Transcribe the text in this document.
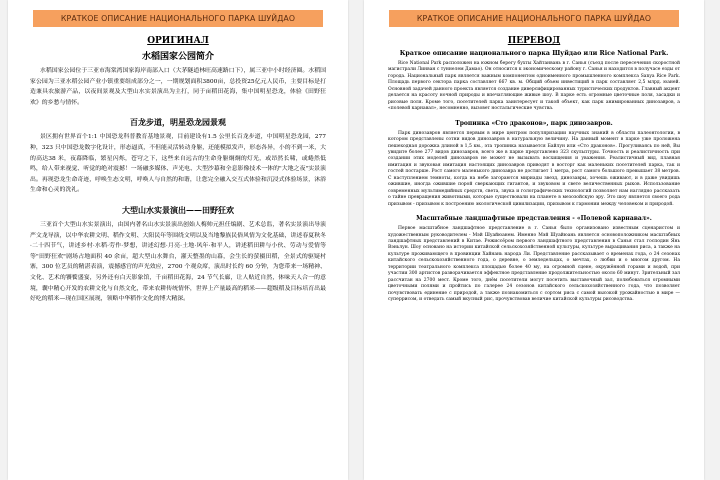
КРАТКОЕ ОПИСАНИЕ НАЦИОНАЛЬНОГО ПАРКА ШУЙДАО
ОРИГИНАЛ
水稻国家公园简介

水稻国家公园位于三亚市海棠湾国家海岸南部入口（大茅隧道林旺高速路口下），属三亚中小时经济圈。水稻国家公园为三亚水稻公园产业小镇重要组成部分之一，一期规划面积3800亩，总投资25亿元人民币，主要目标是打造兼具农旅游产品，以夜间景观及大型山水实景演出为主打，同于亩稻田花海，集中国明星恐龙，体验《田野狂欢》的乡愁与情怀。

百龙步道，明星恐龙园景观

景区拥有世界首个1:1 中国恐龙科普教育基地景观，目前建设有1.5 公里长百龙步道，中国明星恐龙园，277 种，323 只中国恐龙数字化设计，形态逼真，不但能灵活转动身躯，还能模拟发声，形态各异，小的不到一米，大的高达38 米，夜幕降临，繁星闪烁，苍穹之下，这些来自远古的生命身躯炯炯的灯光，或昂然长啸，或蜷然低鸣，给人带来视觉、听觉的绝对震撼！一场融多媒体、声光电、大型沙幕和全息影像技术一体的"大地之夜"实景演出。再现恐龙生命奇迹，呼唤生态文明，呼唤人与自然的和谐，让您完全融入交互式体验和沉浸式体验场景，沐浴生命和心灵的洗礼。

大型山水实景演出——田野狂欢

三亚首个大型山水实景演出，由国内著名山水实景演出创始人梅帅元担任编剧、艺术总监，著名实景演出导演严文龙导演，以中华农耕文明、稻作文明、大阳民年等围绕文明以及当地黎族民俗风情为文化基础，讲述春夏秋冬·二十四节气，讲述乡村·水稻·劳作·梦想，讲述幻想·月亮·土地·风年·和平人，讲述稻田耕与小伙、劳动与爱情等等"田野狂欢"剧场占地面积 40 余亩，超大型山水舞台，灌天整墨的山幕，会生长的萤摄田稻，全景式的驱疑村寨，300 位艺员的精湛表演，震撼感官的声光效应，2700 个观众席，演出时长约 60 分钟，为您带来一场精神、文化、艺术的饕餮盛宴，另外还有白天影象馆，千亩稻田花海，24 节气长廊，让人贴近自然，体味天人合一的意境，囊中精心开发的农耕文化与自然文化，带来农耕传统情怀，世界上产量最高的稻米——超级稻及目标培育出最好吃的稻米—现在国区展现，领略中华稻作文化的博大精深。

КРАТКОЕ ОПИСАНИЕ НАЦИОНАЛЬНОГО ПАРКА ШУЙДАО
ПЕРЕВОД
Краткое описание национального парка Шуйдао или Rice National Park.

Rice National Park расположен на южном берегу бухты Хайтанвань в г. Санья (съезд после пересечения скоростной магистрали Линван с туннелем Дамао). Он относится к экономическому району г. Санья и находится в получасе езды от города. Национальный парк является важным компонентом одноименного промышленного комплекса Sanya Rice Park. Площадь первого сектора парка составляет 667 кв. м. Общий объем инвестиций в парк составляет 2,5 млрд. юаней. Основной задачей данного проекта является создание диверсифицированных туристических продуктов. Главный акцент делается на красоту ночной природы и впечатляющие живые шоу. В парке есть огромные цветочные поля, засадки и рисовые поля. Кроме того, посетителей парка заинтересует и такой объект, как парк анимированных динозавров, а «полевой карнавал», несомненно, вызовет ностальгические чувства.

Тропинка «Сто драконов», парк динозавров.

Парк динозавров является первым в мире центром популяризации научных знаний в области палеонтологии, в котором представлены сотни видов динозавров в натуральную величину. На данный момент в парке уже проложена пешеходная дорожка длиной в 1,5 км., эта тропинка называется Байлун или «Сто драконов». Прогуливаясь по ней, Вы увидите более 277 видов динозавров, всего же в парке представлено 323 скульптуры. Точность и реалистичность при создании этих моделей динозавров не может не вызывать восхищения и уважения. Реалистичный вид, плавная имитация и звуковая имитация настоящих динозавров приводят в восторг как маленьких посетителей парка, так и гостей постарше. Рост самого маленького динозавра не достигает 1 метра, рост самого большого превышает 38 метров. С наступлением темноты, когда на небе загораются мириады звезд, динозавры, хочешь оживают, и в даже увидишь ожившие, иногда ожившие порой сверкающих гигантов, и звуковом и свете величественных рыков. Использование современных мультимедийных средств, света, звука и голографических технологий позволяет нам наглядно рассказать о тайне превращения животными, которые существовали на планете в мезозойскую эру. Это шоу является своего рода призывом - призывом к построению экологической цивилизации, призывом к гармонии между человеком и природой.

Масштабные ландшафтные представления - «Полевой карнавал».

Первое масштабное ландшафтное представление в г. Санья было организовано известным сценаристом и художественным руководителем - Мэй Шуайюанем. Именно Мэй Шуайюань является основоположником масштабных ландшафтных представлений в Китае. Режиссёром первого ландшафтного представления в Санья стал господин Янь Вэньлун. Шоу основано на истории китайской сельскохозяйственной культуры, культуре выращивания риса, а также на культуре проживающего в провинции Хайнань народа Ли. Представление рассказывает о временах года, о 24 сезонах китайского сельскохозяйственного года, о деревне, о земледельцах, о мечтах, о любви и о многом другом. На территории театрального комплекса площадью более 40 му, на огромной сцене, окружённой горами и водой, при участии 300 артистов разворачивается эффектное представление продолжительностью около 60 минут. Зрительный зал рассчитан на 2700 мест. Кроме того, днём посетители могут посетить выставочный зал, полюбоваться огромными цветочными полями и пройтись по галерее 24 сезонов китайского сельскохозяйственного года, что позволяет почувствовать единение с природой, а также познакомиться с сортом риса с самой высокой урожайностью в мире — суперрисом, и отведать самый вкусный рис, прочувствовав величие китайской культуры рисоводства.
